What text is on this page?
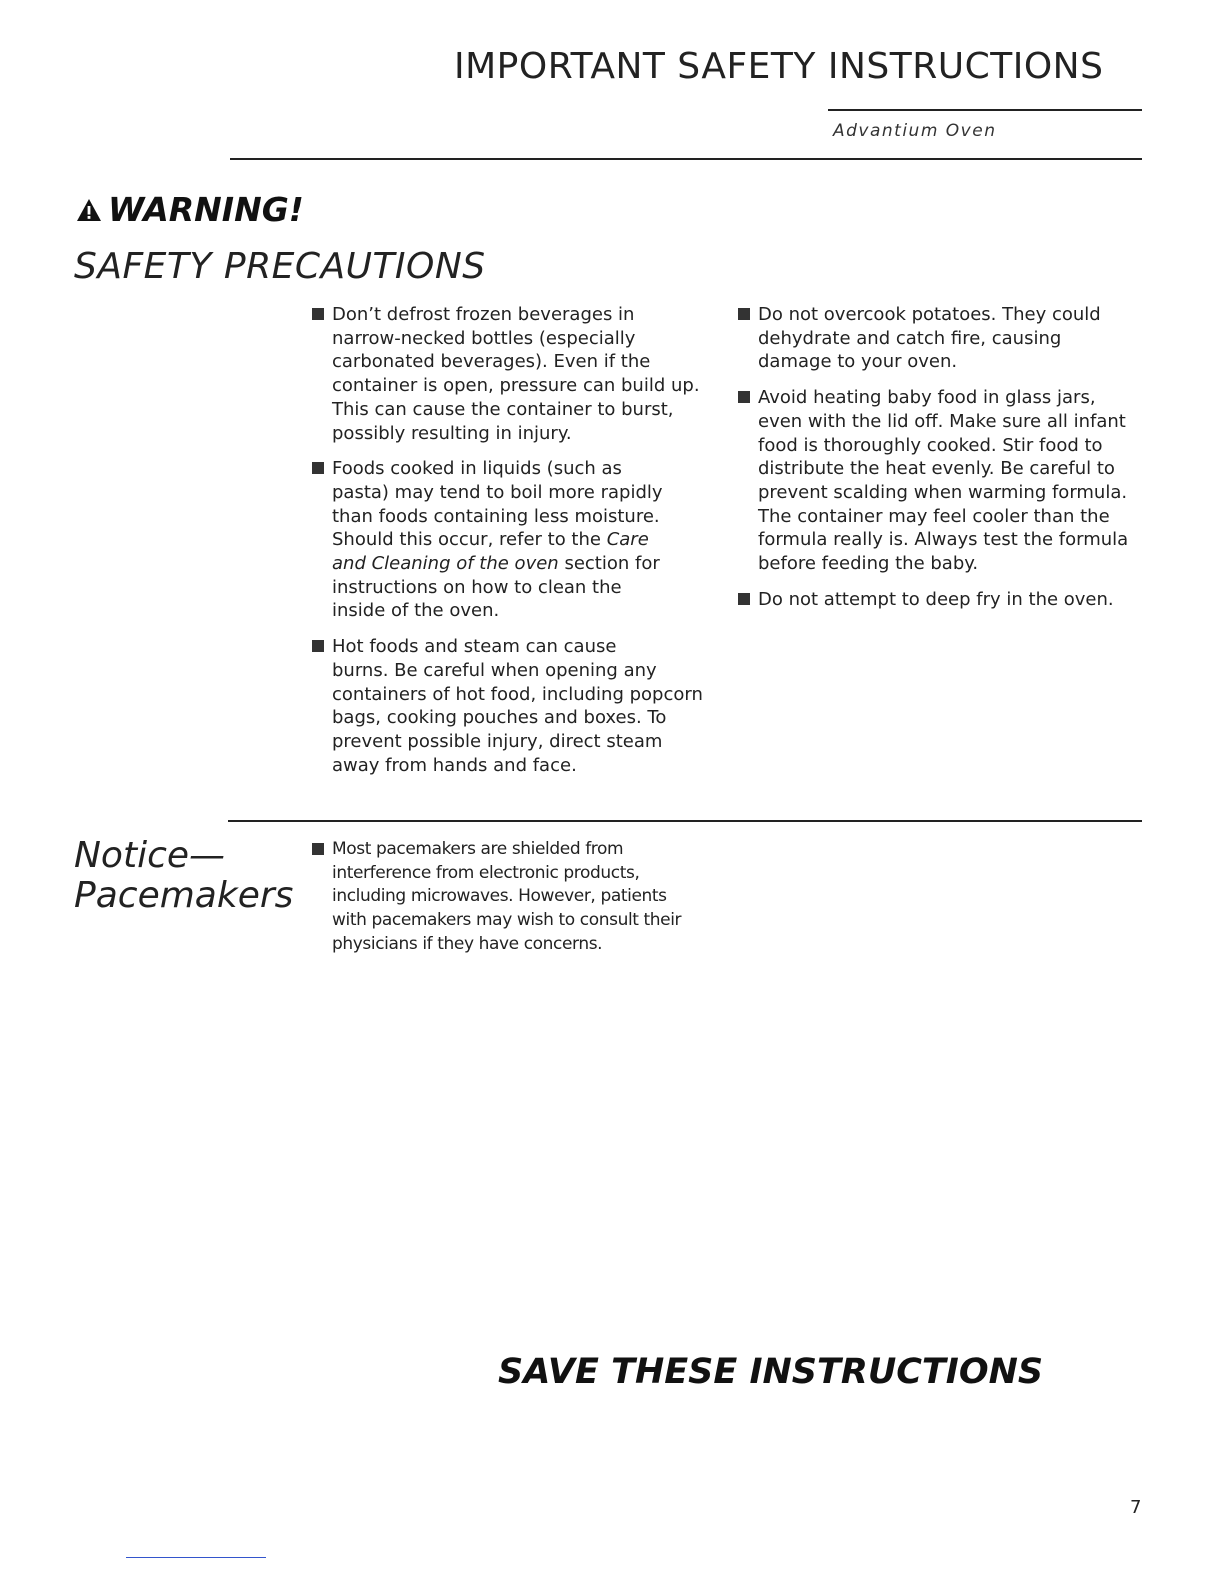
IMPORTANT SAFETY INSTRUCTIONS
Advantium Oven
WARNING!
SAFETY PRECAUTIONS
Don’t defrost frozen beverages in
narrow-necked bottles (especially
carbonated beverages). Even if the
container is open, pressure can build up.
This can cause the container to burst,
possibly resulting in injury.
Foods cooked in liquids (such as
pasta) may tend to boil more rapidly
than foods containing less moisture.
Should this occur, refer to the Care
and Cleaning of the oven section for
instructions on how to clean the
inside of the oven.
Hot foods and steam can cause
burns. Be careful when opening any
containers of hot food, including popcorn
bags, cooking pouches and boxes. To
prevent possible injury, direct steam
away from hands and face.
Do not overcook potatoes. They could
dehydrate and catch fire, causing
damage to your oven.
Avoid heating baby food in glass jars,
even with the lid off. Make sure all infant
food is thoroughly cooked. Stir food to
distribute the heat evenly. Be careful to
prevent scalding when warming formula.
The container may feel cooler than the
formula really is. Always test the formula
before feeding the baby.
Do not attempt to deep fry in the oven.
Notice—
Pacemakers
Most pacemakers are shielded from
interference from electronic products,
including microwaves. However, patients
with pacemakers may wish to consult their
physicians if they have concerns.
SAVE THESE INSTRUCTIONS
7
